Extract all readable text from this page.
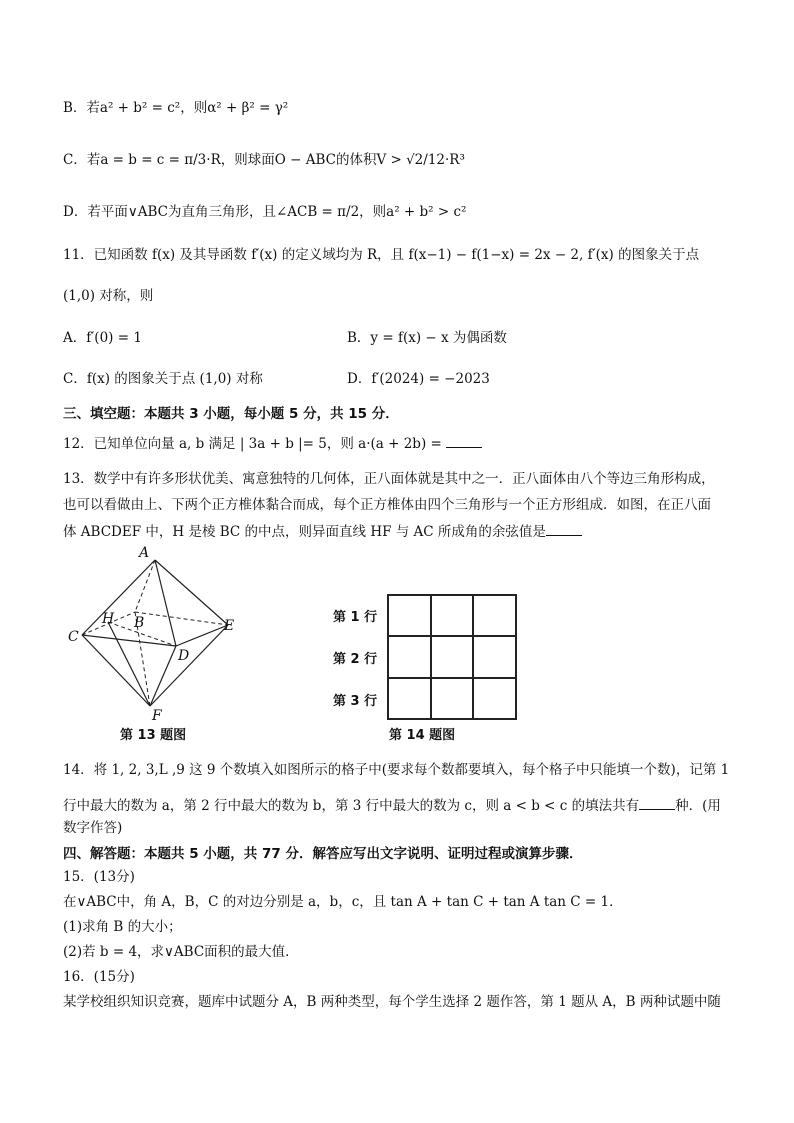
B．若a² + b² = c²，则α² + β² = γ²
C．若a = b = c = π/3·R，则球面O − ABC的体积V > √2/12·R³
D．若平面∨ABC为直角三角形，且∠ACB = π/2，则a² + b² > c²
11．已知函数 f(x) 及其导函数 f′(x) 的定义域均为 R，且 f(x−1) − f(1−x) = 2x − 2, f′(x) 的图象关于点
(1,0) 对称，则
A．f′(0) = 1	B．y = f(x) − x 为偶函数
C．f(x) 的图象关于点 (1,0) 对称	D．f′(2024) = −2023
三、填空题：本题共 3 小题，每小题 5 分，共 15 分．
12．已知单位向量 a, b 满足 | 3a + b |= 5，则 a·(a + 2b) =
13．数学中有许多形状优美、寓意独特的几何体，正八面体就是其中之一．正八面体由八个等边三角形构成，
也可以看做由上、下两个正方椎体黏合而成，每个正方椎体由四个三角形与一个正方形组成．如图，在正八面
体 ABCDEF 中，H 是棱 BC 的中点，则异面直线 HF 与 AC 所成角的余弦值是
A
B
C
D
E
F
H
第 13 题图
第 1 行
第 2 行
第 3 行
第 14 题图
14．将 1, 2, 3,L ,9 这 9 个数填入如图所示的格子中(要求每个数都要填入，每个格子中只能填一个数)，记第 1
行中最大的数为 a，第 2 行中最大的数为 b，第 3 行中最大的数为 c，则 a < b < c 的填法共有	种．(用
数字作答)
四、解答题：本题共 5 小题，共 77 分．解答应写出文字说明、证明过程或演算步骤．
15．(13分)
在∨ABC中，角 A，B，C 的对边分别是 a，b，c，且 tan A + tan C + tan A tan C = 1．
(1)求角 B 的大小；
(2)若 b = 4，求∨ABC面积的最大值．
16．(15分)
某学校组织知识竞赛，题库中试题分 A，B 两种类型，每个学生选择 2 题作答，第 1 题从 A，B 两种试题中随
